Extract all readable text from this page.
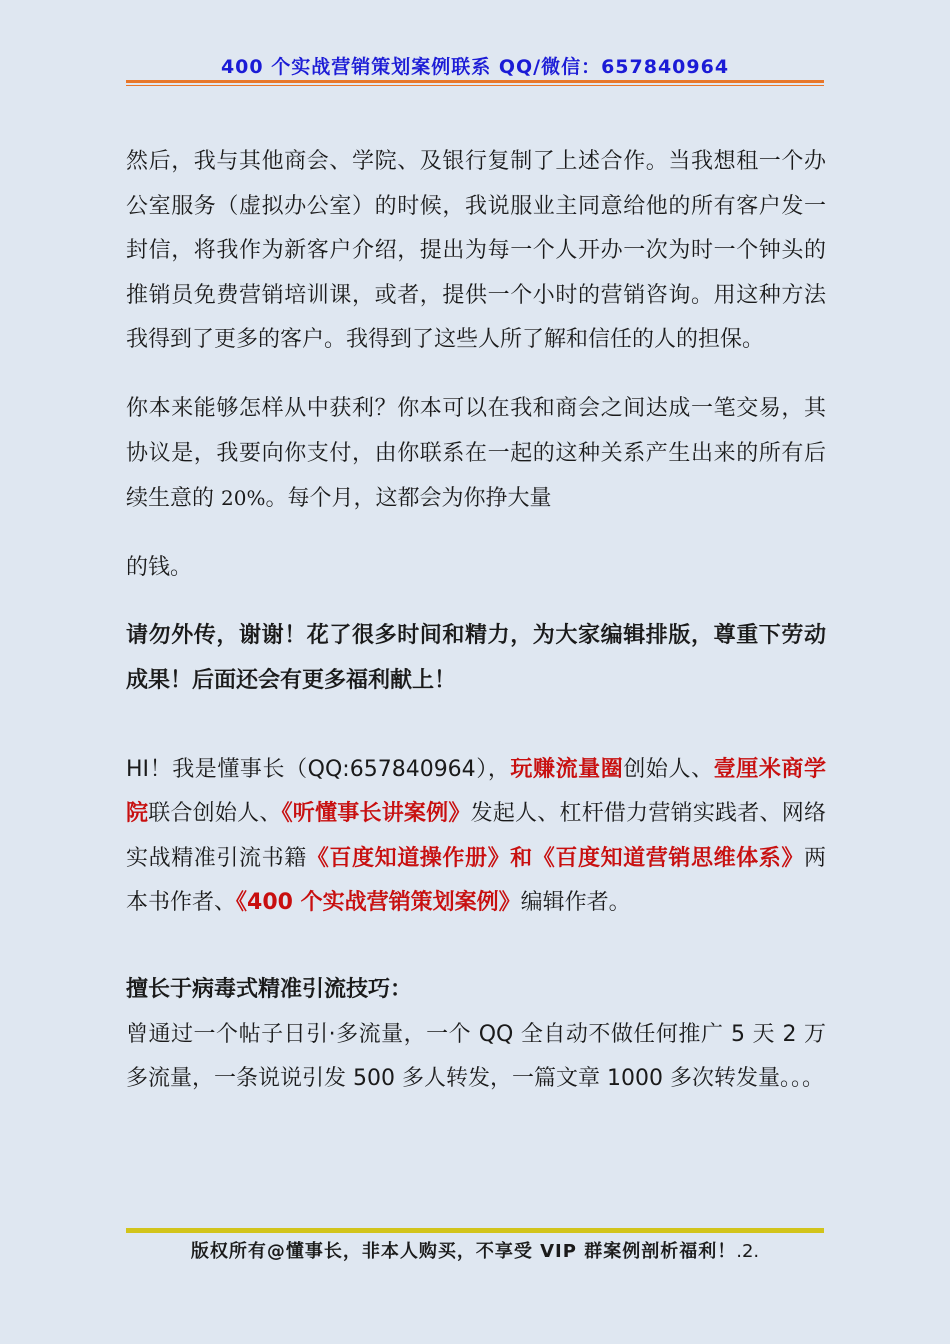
400 个实战营销策划案例联系 QQ/微信：657840964

然后，我与其他商会、学院、及银行复制了上述合作。当我想租一个办公室服务（虚拟办公室）的时候，我说服业主同意给他的所有客户发一封信，将我作为新客户介绍，提出为每一个人开办一次为时一个钟头的推销员免费营销培训课，或者，提供一个小时的营销咨询。用这种方法我得到了更多的客户。我得到了这些人所了解和信任的人的担保。

你本来能够怎样从中获利？你本可以在我和商会之间达成一笔交易，其协议是，我要向你支付，由你联系在一起的这种关系产生出来的所有后续生意的 20%。每个月，这都会为你挣大量

的钱。

请勿外传，谢谢！花了很多时间和精力，为大家编辑排版，尊重下劳动成果！后面还会有更多福利献上！

HI！我是懂事长（QQ:657840964），玩赚流量圈创始人、壹厘米商学院联合创始人、《听懂事长讲案例》发起人、杠杆借力营销实践者、网络实战精准引流书籍《百度知道操作册》和《百度知道营销思维体系》两本书作者、《400 个实战营销策划案例》编辑作者。

擅长于病毒式精准引流技巧：

曾通过一个帖子日引·多流量，一个 QQ 全自动不做任何推广 5 天 2 万多流量，一条说说引发 500 多人转发，一篇文章 1000 多次转发量。。。

版权所有@懂事长，非本人购买，不享受 VIP 群案例剖析福利！.2.
